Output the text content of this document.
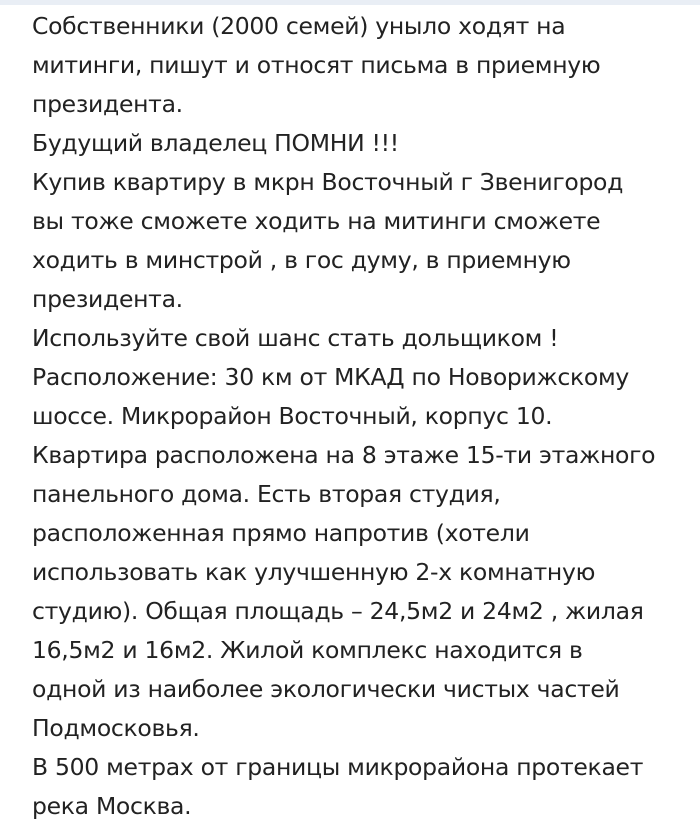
Собственники (2000 семей) уныло ходят на
митинги, пишут и относят письма в приемную
президента.
Будущий владелец ПОМНИ !!!
Купив квартиру в мкрн Восточный г Звенигород
вы тоже сможете ходить на митинги сможете
ходить в минстрой , в гос думу, в приемную
президента.
Используйте свой шанс стать дольщиком !
Расположение: 30 км от МКАД по Новорижскому
шоссе. Микрорайон Восточный, корпус 10.
Квартира расположена на 8 этаже 15-ти этажного
панельного дома. Есть вторая студия,
расположенная прямо напротив (хотели
использовать как улучшенную 2-х комнатную
студию). Общая площадь – 24,5м2 и 24м2 , жилая
16,5м2 и 16м2. Жилой комплекс находится в
одной из наиболее экологически чистых частей
Подмосковья.
В 500 метрах от границы микрорайона протекает
река Москва.
